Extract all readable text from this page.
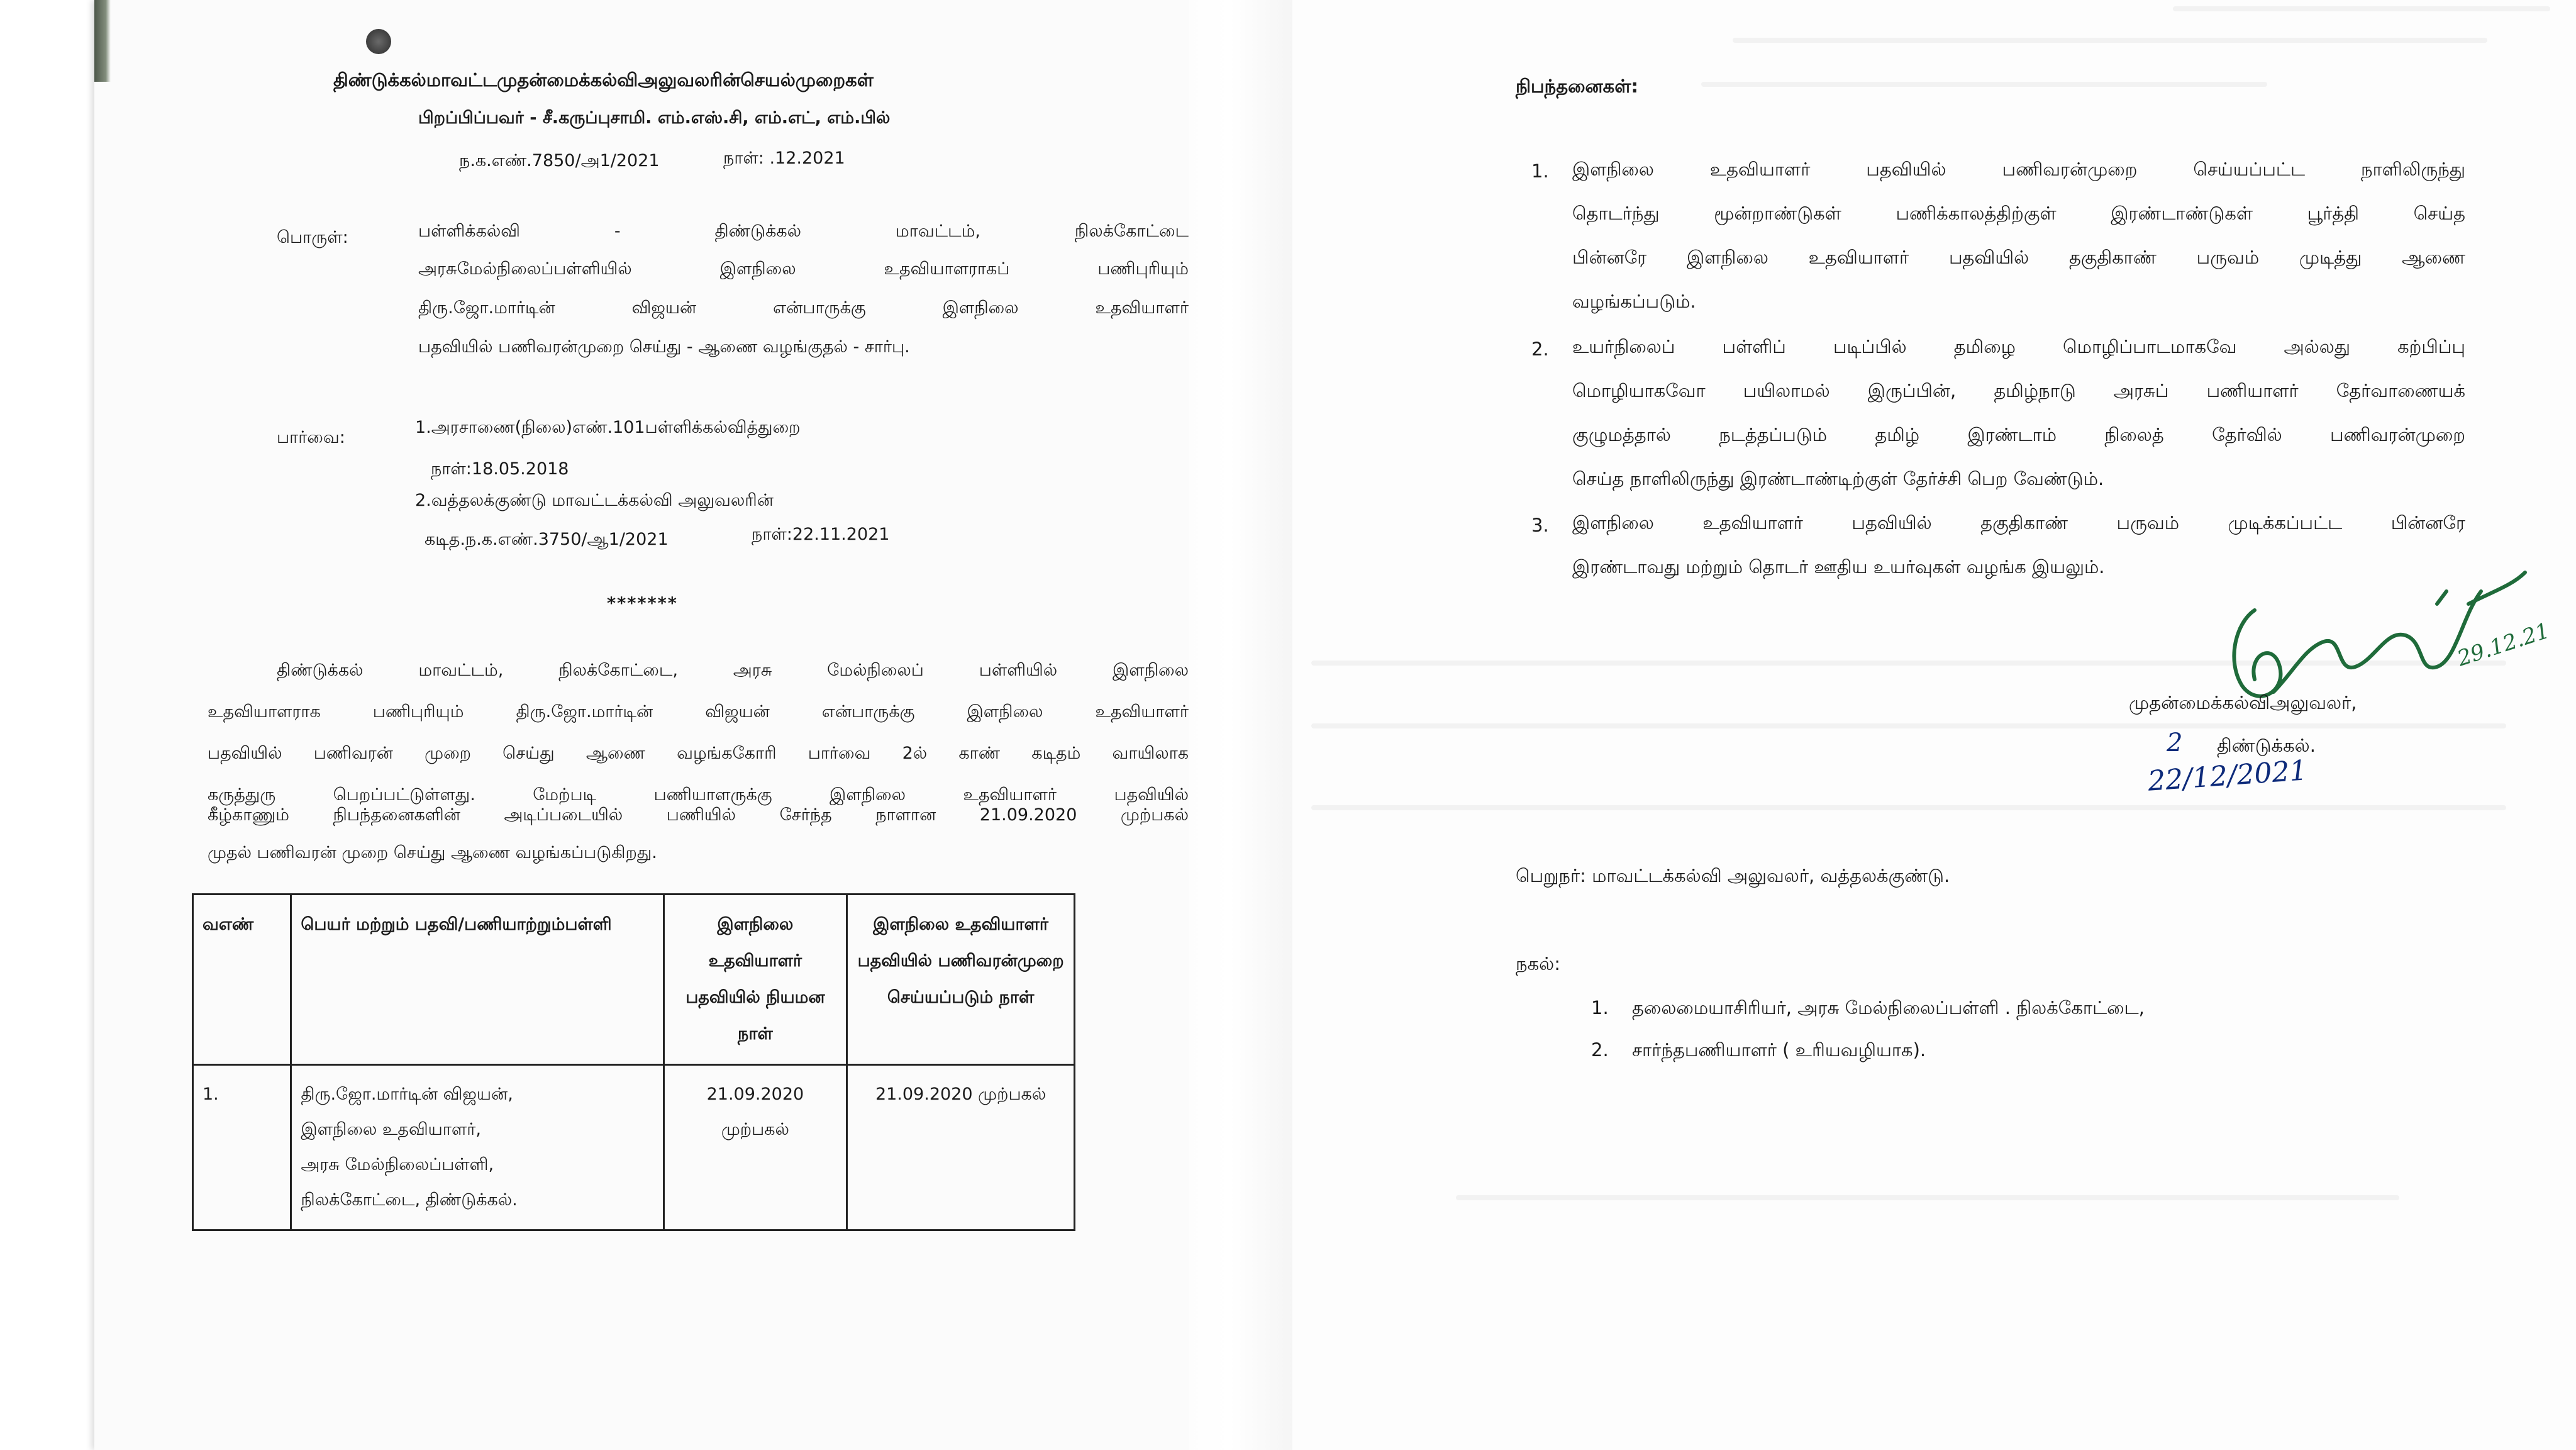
திண்டுக்கல்மாவட்டமுதன்மைக்கல்விஅலுவலரின்செயல்முறைகள்
பிறப்பிப்பவர் - சீ.கருப்புசாமி. எம்.எஸ்.சி, எம்.எட், எம்.பில்
ந.க.எண்.7850/அ1/2021	நாள்: .12.2021
பொருள்:	பள்ளிக்கல்வி - திண்டுக்கல் மாவட்டம், நிலக்கோட்டை
அரசுமேல்நிலைப்பள்ளியில் இளநிலை உதவியாளராகப் பணிபுரியும்
திரு.ஜோ.மார்டின் விஜயன் என்பாருக்கு இளநிலை உதவியாளர்
பதவியில் பணிவரன்முறை செய்து - ஆணை வழங்குதல் - சார்பு.
பார்வை:
1.அரசாணை(நிலை)எண்.101பள்ளிக்கல்வித்துறை
நாள்:18.05.2018
2.வத்தலக்குண்டு மாவட்டக்கல்வி அலுவலரின்
கடித.ந.க.எண்.3750/ஆ1/2021	நாள்:22.11.2021
*******
திண்டுக்கல் மாவட்டம், நிலக்கோட்டை, அரசு மேல்நிலைப் பள்ளியில் இளநிலை
உதவியாளராக பணிபுரியும் திரு.ஜோ.மார்டின் விஜயன் என்பாருக்கு இளநிலை உதவியாளர்
பதவியில் பணிவரன் முறை செய்து ஆணை வழங்ககோரி பார்வை 2ல் காண் கடிதம் வாயிலாக
கருத்துரு பெறப்பட்டுள்ளது. மேற்படி பணியாளருக்கு இளநிலை உதவியாளர் பதவியில்
கீழ்காணும் நிபந்தனைகளின் அடிப்படையில் பணியில் சேர்ந்த நாளான 21.09.2020 முற்பகல்
முதல் பணிவரன் முறை செய்து ஆணை வழங்கப்படுகிறது.
வஎண்	பெயர் மற்றும் பதவி/பணியாற்றும்பள்ளி	இளநிலை உதவியாளர் பதவியில் நியமன நாள்	இளநிலை உதவியாளர் பதவியில் பணிவரன்முறை செய்யப்படும் நாள்
1.	திரு.ஜோ.மார்டின் விஜயன்,
இளநிலை உதவியாளர்,
அரசு மேல்நிலைப்பள்ளி,
நிலக்கோட்டை, திண்டுக்கல்.	21.09.2020 முற்பகல்	21.09.2020 முற்பகல்
நிபந்தனைகள்:
1. இளநிலை உதவியாளர் பதவியில் பணிவரன்முறை செய்யப்பட்ட நாளிலிருந்து
தொடர்ந்து மூன்றாண்டுகள் பணிக்காலத்திற்குள் இரண்டாண்டுகள் பூர்த்தி செய்த
பின்னரே இளநிலை உதவியாளர் பதவியில் தகுதிகாண் பருவம் முடித்து ஆணை
வழங்கப்படும்.
2. உயர்நிலைப் பள்ளிப் படிப்பில் தமிழை மொழிப்பாடமாகவே அல்லது கற்பிப்பு
மொழியாகவோ பயிலாமல் இருப்பின், தமிழ்நாடு அரசுப் பணியாளர் தேர்வாணையக்
குழுமத்தால் நடத்தப்படும் தமிழ் இரண்டாம் நிலைத் தேர்வில் பணிவரன்முறை
செய்த நாளிலிருந்து இரண்டாண்டிற்குள் தேர்ச்சி பெற வேண்டும்.
3. இளநிலை உதவியாளர் பதவியில் தகுதிகாண் பருவம் முடிக்கப்பட்ட பின்னரே
இரண்டாவது மற்றும் தொடர் ஊதிய உயர்வுகள் வழங்க இயலும்.
29.12.21
முதன்மைக்கல்விஅலுவலர்,
2 திண்டுக்கல்.
22/12/2021
பெறுநர்: மாவட்டக்கல்வி அலுவலர், வத்தலக்குண்டு.
நகல்:
1. தலைமையாசிரியர், அரசு மேல்நிலைப்பள்ளி . நிலக்கோட்டை,
2. சார்ந்தபணியாளர் ( உரியவழியாக).
